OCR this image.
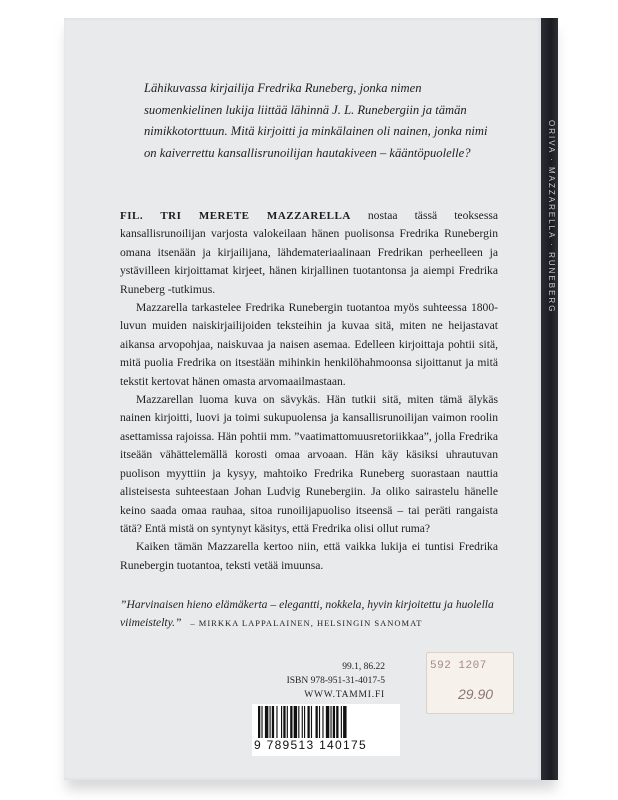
ORIVA · MAZZARELLA · RUNEBERG

Lähikuvassa kirjailija Fredrika Runeberg, jonka nimen suomenkielinen lukija liittää lähinnä J. L. Runebergiin ja tämän nimikkotorttuun. Mitä kirjoitti ja minkälainen oli nainen, jonka nimi on kaiverrettu kansallisrunoilijan hautakiveen – kääntöpuolelle?

FIL. TRI MERETE MAZZARELLA nostaa tässä teoksessa kansallisrunoilijan varjosta valokeilaan hänen puolisonsa Fredrika Runebergin omana itsenään ja kirjailijana, lähdemateriaalinaan Fredrikan perheelleen ja ystävilleen kirjoittamat kirjeet, hänen kirjallinen tuotantonsa ja aiempi Fredrika Runeberg -tutkimus.

Mazzarella tarkastelee Fredrika Runebergin tuotantoa myös suhteessa 1800-luvun muiden naiskirjailijoiden teksteihin ja kuvaa sitä, miten ne heijastavat aikansa arvopohjaa, naiskuvaa ja naisen asemaa. Edelleen kirjoittaja pohtii sitä, mitä puolia Fredrika on itsestään mihinkin henkilöhahmoonsa sijoittanut ja mitä tekstit kertovat hänen omasta arvomaailmastaan.

Mazzarellan luoma kuva on sävykäs. Hän tutkii sitä, miten tämä älykäs nainen kirjoitti, luovi ja toimi sukupuolensa ja kansallisrunoilijan vaimon roolin asettamissa rajoissa. Hän pohtii mm. ”vaatimattomuusretoriikkaa”, jolla Fredrika itseään vähättelemällä korosti omaa arvoaan. Hän käy käsiksi uhrautuvan puolison myyttiin ja kysyy, mahtoiko Fredrika Runeberg suorastaan nauttia alisteisesta suhteestaan Johan Ludvig Runebergiin. Ja oliko sairastelu hänelle keino saada omaa rauhaa, sitoa runoilijapuoliso itseensä – tai peräti rangaista tätä? Entä mistä on syntynyt käsitys, että Fredrika olisi ollut ruma?

Kaiken tämän Mazzarella kertoo niin, että vaikka lukija ei tuntisi Fredrika Runebergin tuotantoa, teksti vetää imuunsa.

”Harvinaisen hieno elämäkerta – elegantti, nokkela, hyvin kirjoitettu ja huolella viimeistelty.” – MIRKKA LAPPALAINEN, HELSINGIN SANOMAT
99.1, 86.22
ISBN 978-951-31-4017-5
WWW.TAMMI.FI
9 789513 140175
592 1207
29.90
